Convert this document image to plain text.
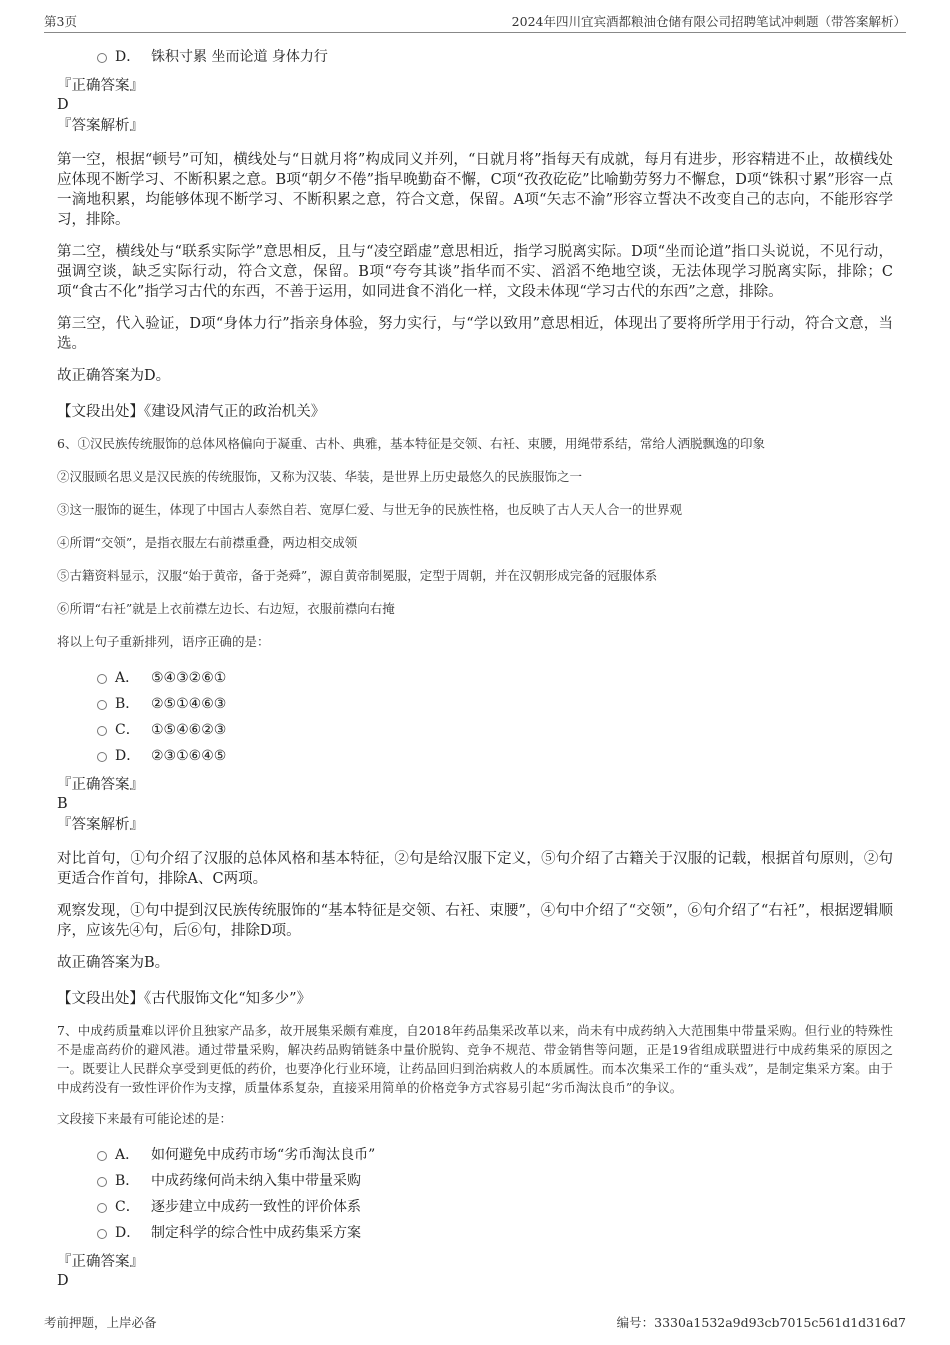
第3页	2024年四川宜宾酒都粮油仓储有限公司招聘笔试冲刺题（带答案解析）
D． 铢积寸累 坐而论道 身体力行
『正确答案』
D
『答案解析』

第一空，根据“顿号”可知，横线处与“日就月将”构成同义并列，“日就月将”指每天有成就，每月有进步，形容精进不止，故横线处应体现不断学习、不断积累之意。B项“朝夕不倦”指早晚勤奋不懈，C项“孜孜矻矻”比喻勤劳努力不懈怠，D项“铢积寸累”形容一点一滴地积累，均能够体现不断学习、不断积累之意，符合文意，保留。A项“矢志不渝”形容立誓决不改变自己的志向，不能形容学习，排除。

第二空，横线处与“联系实际学”意思相反，且与“凌空蹈虚”意思相近，指学习脱离实际。D项“坐而论道”指口头说说，不见行动，强调空谈，缺乏实际行动，符合文意，保留。B项“夸夸其谈”指华而不实、滔滔不绝地空谈，无法体现学习脱离实际，排除；C项“食古不化”指学习古代的东西，不善于运用，如同进食不消化一样，文段未体现“学习古代的东西”之意，排除。

第三空，代入验证，D项“身体力行”指亲身体验，努力实行，与“学以致用”意思相近，体现出了要将所学用于行动，符合文意，当选。

故正确答案为D。

【文段出处】《建设风清气正的政治机关》

6、①汉民族传统服饰的总体风格偏向于凝重、古朴、典雅，基本特征是交领、右衽、束腰，用绳带系结，常给人洒脱飘逸的印象
②汉服顾名思义是汉民族的传统服饰，又称为汉装、华装，是世界上历史最悠久的民族服饰之一
③这一服饰的诞生，体现了中国古人泰然自若、宽厚仁爱、与世无争的民族性格，也反映了古人天人合一的世界观
④所谓“交领”，是指衣服左右前襟重叠，两边相交成领
⑤古籍资料显示，汉服“始于黄帝，备于尧舜”，源自黄帝制冕服，定型于周朝，并在汉朝形成完备的冠服体系
⑥所谓“右衽”就是上衣前襟左边长、右边短，衣服前襟向右掩
将以上句子重新排列，语序正确的是：
A． ⑤④③②⑥①
B． ②⑤①④⑥③
C． ①⑤④⑥②③
D． ②③①⑥④⑤
『正确答案』
B
『答案解析』

对比首句，①句介绍了汉服的总体风格和基本特征，②句是给汉服下定义，⑤句介绍了古籍关于汉服的记载，根据首句原则，②句更适合作首句，排除A、C两项。

观察发现，①句中提到汉民族传统服饰的“基本特征是交领、右衽、束腰”，④句中介绍了“交领”，⑥句介绍了“右衽”，根据逻辑顺序，应该先④句，后⑥句，排除D项。

故正确答案为B。

【文段出处】《古代服饰文化“知多少”》

7、中成药质量难以评价且独家产品多，故开展集采颇有难度，自2018年药品集采改革以来，尚未有中成药纳入大范围集中带量采购。但行业的特殊性不是虚高药价的避风港。通过带量采购，解决药品购销链条中量价脱钩、竞争不规范、带金销售等问题，正是19省组成联盟进行中成药集采的原因之一。既要让人民群众享受到更低的药价，也要净化行业环境，让药品回归到治病救人的本质属性。而本次集采工作的“重头戏”，是制定集采方案。由于中成药没有一致性评价作为支撑，质量体系复杂，直接采用简单的价格竞争方式容易引起“劣币淘汰良币”的争议。
文段接下来最有可能论述的是：
A． 如何避免中成药市场“劣币淘汰良币”
B． 中成药缘何尚未纳入集中带量采购
C． 逐步建立中成药一致性的评价体系
D． 制定科学的综合性中成药集采方案
『正确答案』
D
考前押题，上岸必备	编号：3330a1532a9d93cb7015c561d1d316d7
